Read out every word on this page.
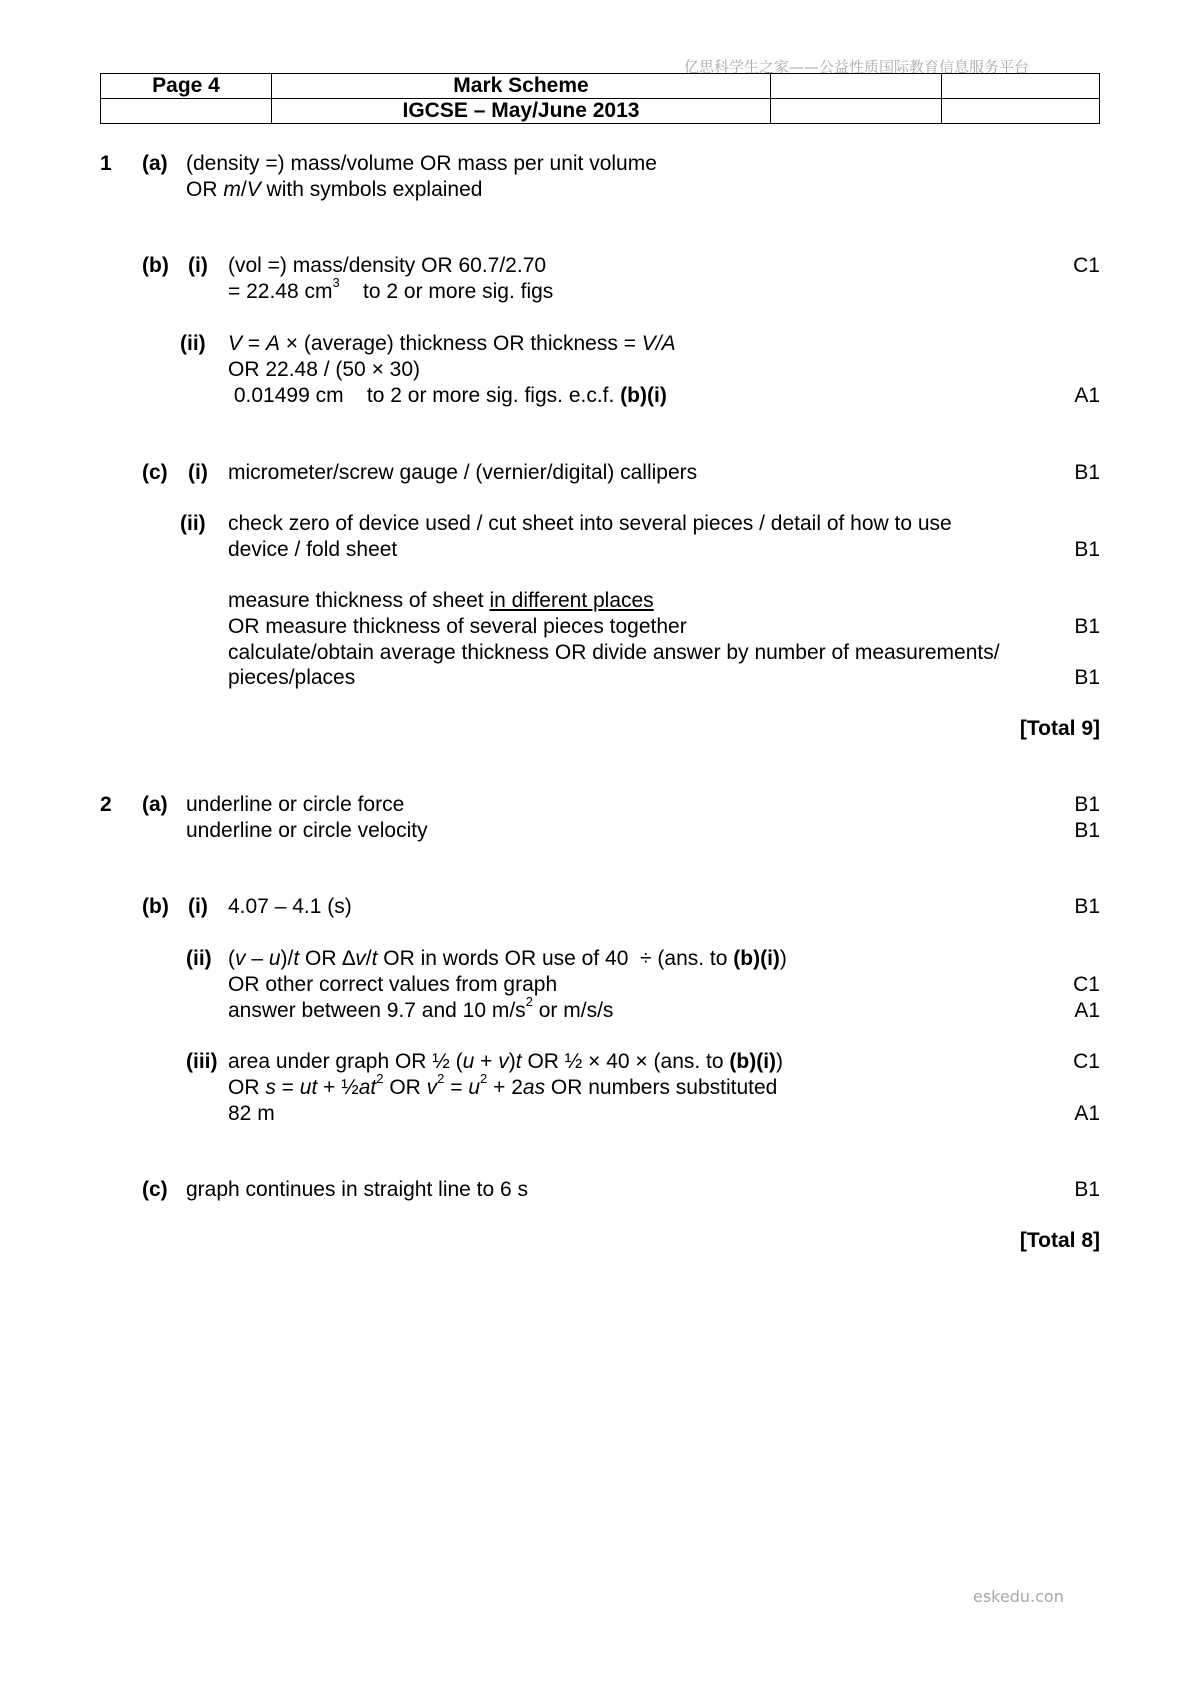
亿思科学生之家——公益性质国际教育信息服务平台
eskedu.con
Page 4	Mark Scheme		
	IGCSE – May/June 2013		
1 (a) (density =) mass/volume OR mass per unit volume
OR m/V with symbols explained
(b) (i) (vol =) mass/density OR 60.7/2.70	C1
= 22.48 $cm^3$    to 2 or more sig. figs
(ii) V = A × (average) thickness OR thickness = V/A
OR 22.48 / (50 × 30)
0.01499 cm    to 2 or more sig. figs. e.c.f. (b)(i)	A1
(c) (i) micrometer/screw gauge / (vernier/digital) callipers	B1
(ii) check zero of device used / cut sheet into several pieces / detail of how to use
device / fold sheet	B1
measure thickness of sheet in different places
OR measure thickness of several pieces together	B1
calculate/obtain average thickness OR divide answer by number of measurements/
pieces/places	B1
[Total 9]
2 (a) underline or circle force	B1
underline or circle velocity	B1
(b) (i) 4.07 – 4.1 (s)	B1
(ii) (v – u)/t OR ∆v/t OR in words OR use of 40  ÷ (ans. to (b)(i))
OR other correct values from graph	C1
answer between 9.7 and 10 $m/s^2$ or m/s/s	A1
(iii) area under graph OR ½ (u + v)t OR ½ × 40 × (ans. to (b)(i))	C1
OR s = ut + $\frac{1}{2}at^2$ OR $v^2 = u^2 + 2as$ OR numbers substituted
82 m	A1
(c) graph continues in straight line to 6 s	B1
[Total 8]
